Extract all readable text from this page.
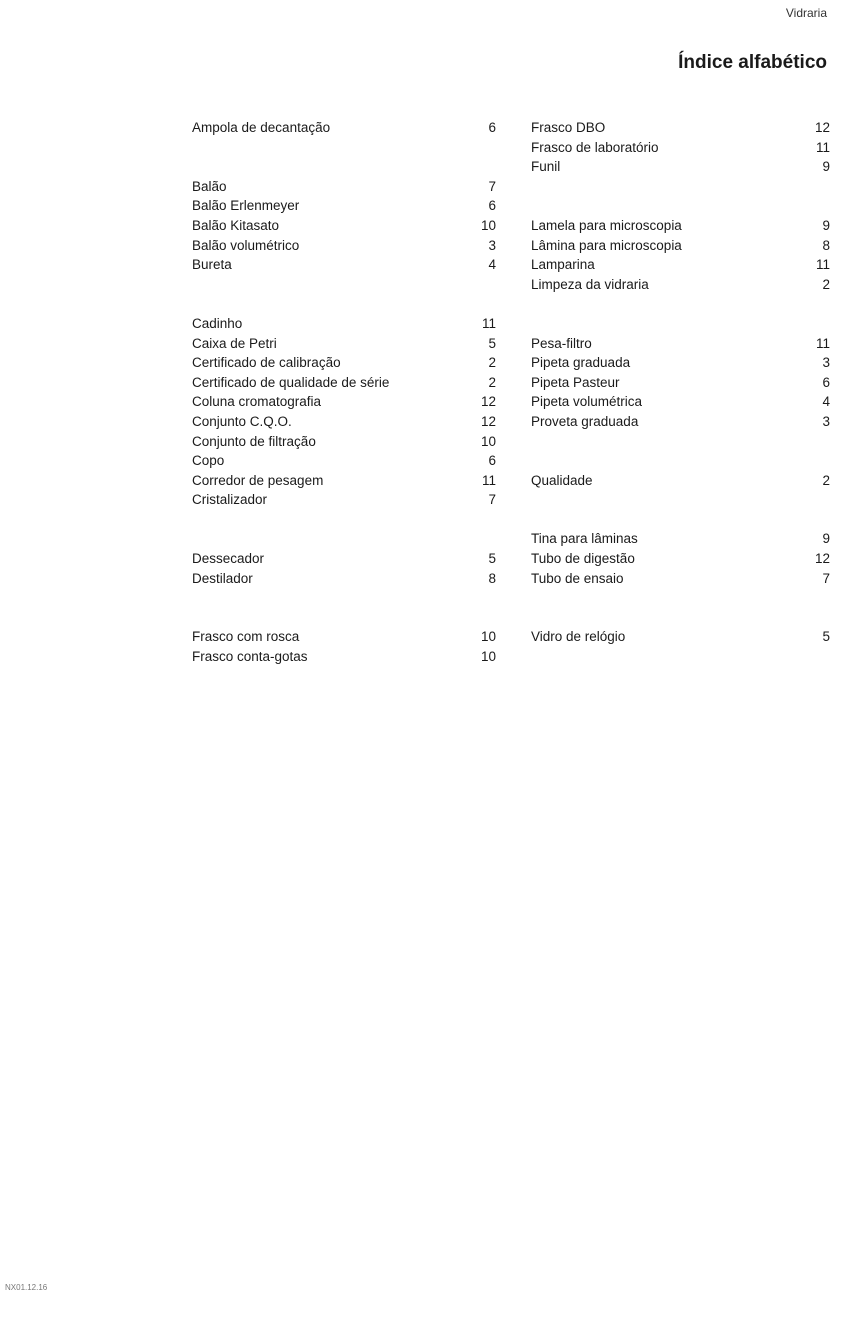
Vidraria
Índice alfabético
Ampola de decantação	6
Balão	7
Balão Erlenmeyer	6
Balão Kitasato	10
Balão volumétrico	3
Bureta	4
Cadinho	11
Caixa de Petri	5
Certificado de calibração	2
Certificado de qualidade de série	2
Coluna cromatografia	12
Conjunto C.Q.O.	12
Conjunto de filtração	10
Copo	6
Corredor de pesagem	11
Cristalizador	7
Dessecador	5
Destilador	8
Frasco com rosca	10
Frasco conta-gotas	10
Frasco DBO	12
Frasco de laboratório	11
Funil	9
Lamela para microscopia	9
Lâmina para microscopia	8
Lamparina	11
Limpeza da vidraria	2
Pesa-filtro	11
Pipeta graduada	3
Pipeta Pasteur	6
Pipeta volumétrica	4
Proveta graduada	3
Qualidade	2
Tina para lâminas	9
Tubo de digestão	12
Tubo de ensaio	7
Vidro de relógio	5
NX01.12.16
